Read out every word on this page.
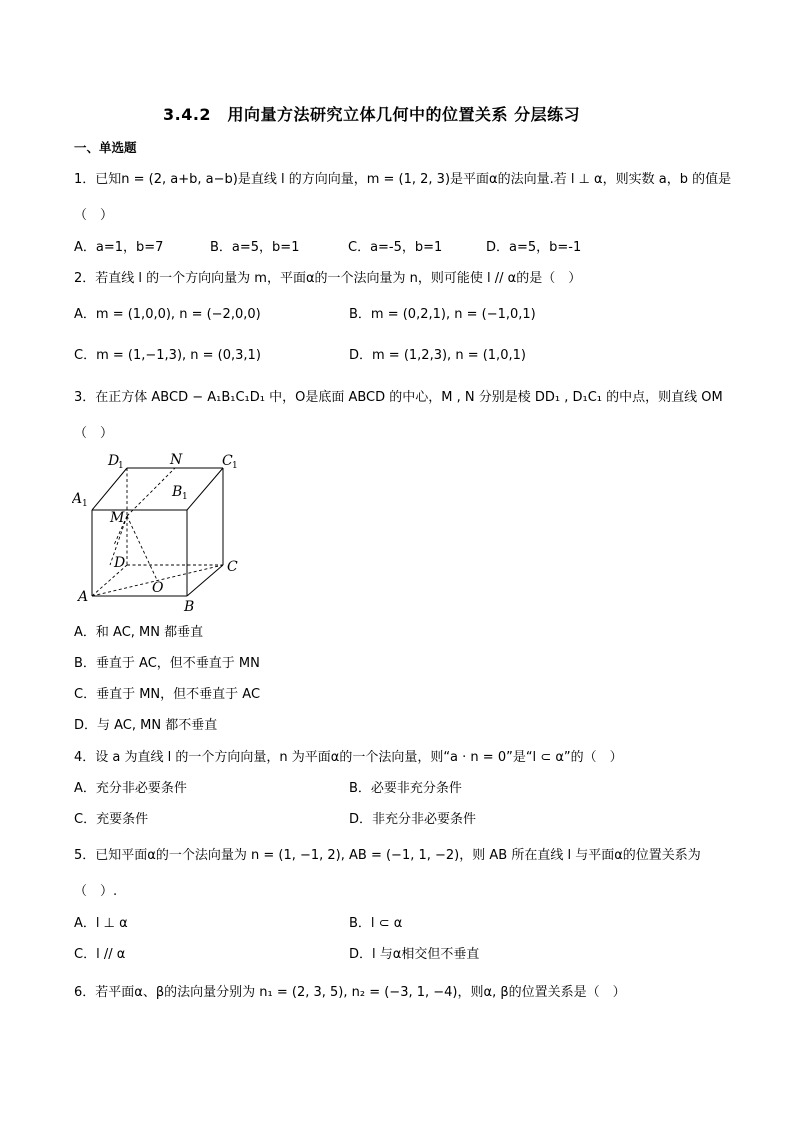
3.4.2　用向量方法研究立体几何中的位置关系 分层练习
一、单选题
1．已知n = (2, a+b, a−b)是直线 l 的方向向量，m = (1, 2, 3)是平面α的法向量.若 l ⊥ α，则实数 a，b 的值是
（　）
A．a=1，b=7	B．a=5，b=1	C．a=-5，b=1	D．a=5，b=-1
2．若直线 l 的一个方向向量为 m，平面α的一个法向量为 n，则可能使 l // α的是（　）
A．m = (1,0,0), n = (−2,0,0)	B．m = (0,2,1), n = (−1,0,1)
C．m = (1,−1,3), n = (0,3,1)	D．m = (1,2,3), n = (1,0,1)
3．在正方体 ABCD − A₁B₁C₁D₁ 中，O是底面 ABCD 的中心，M , N 分别是棱 DD₁ , D₁C₁ 的中点，则直线 OM
（　）
D
1	N	C 1
A 1
B 1
M
D	C
O
A
B
A．和 AC, MN 都垂直
B．垂直于 AC，但不垂直于 MN
C．垂直于 MN，但不垂直于 AC
D．与 AC, MN 都不垂直
4．设 a 为直线 l 的一个方向向量，n 为平面α的一个法向量，则“a · n = 0”是“l ⊂ α”的（　）
A．充分非必要条件	B．必要非充分条件
C．充要条件	D．非充分非必要条件
5．已知平面α的一个法向量为 n = (1, −1, 2), AB = (−1, 1, −2)，则 AB 所在直线 l 与平面α的位置关系为
（　）.
A．l ⊥ α	B．l ⊂ α
C．l // α	D．l 与α相交但不垂直
6．若平面α、β的法向量分别为 n₁ = (2, 3, 5), n₂ = (−3, 1, −4)，则α, β的位置关系是（　）
